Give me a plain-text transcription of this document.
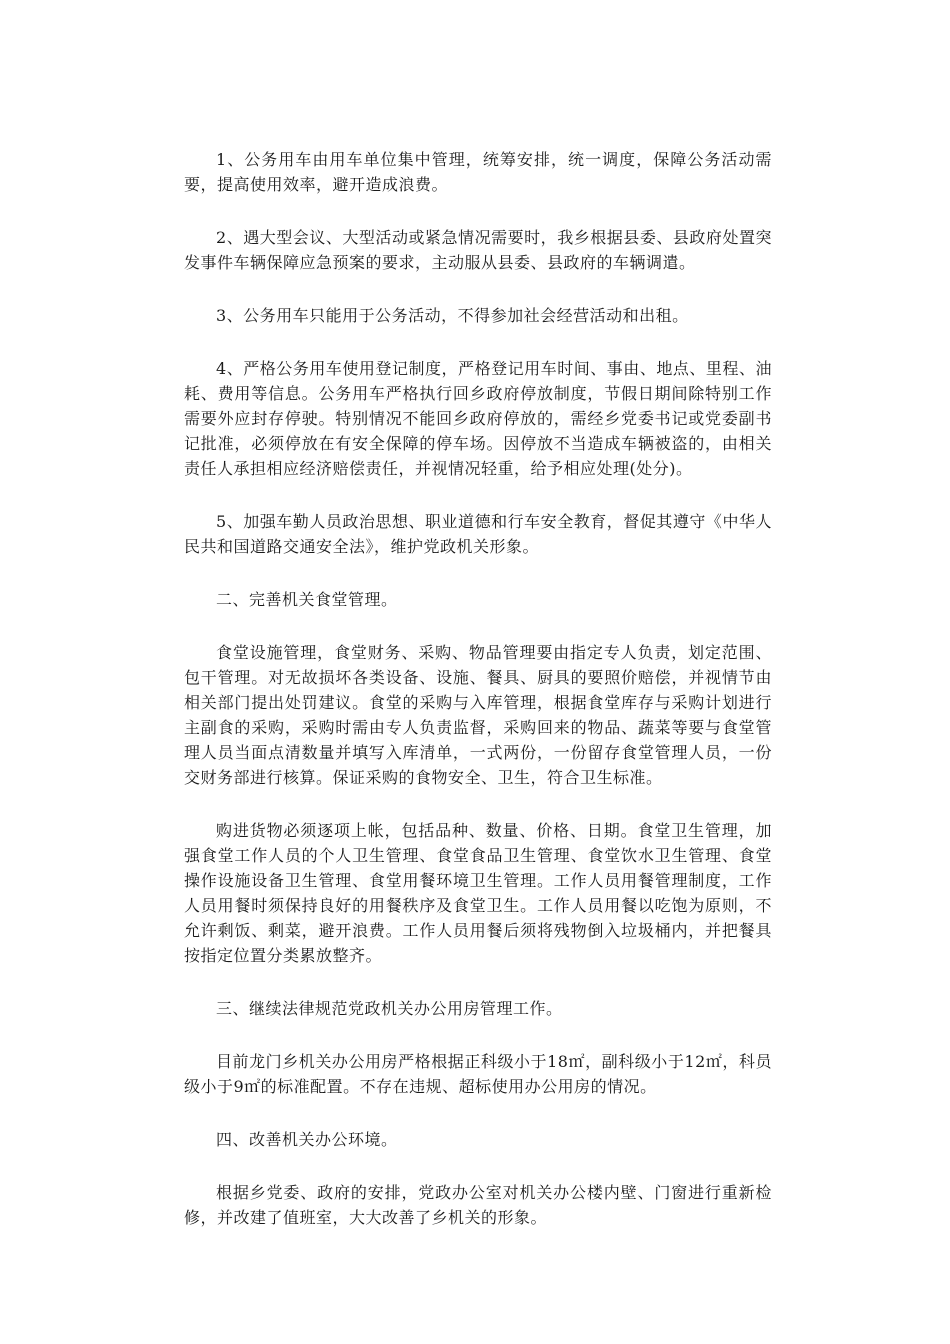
1、公务用车由用车单位集中管理，统筹安排，统一调度，保障公务活动需要，提高使用效率，避开造成浪费。

2、遇大型会议、大型活动或紧急情况需要时，我乡根据县委、县政府处置突发事件车辆保障应急预案的要求，主动服从县委、县政府的车辆调遣。

3、公务用车只能用于公务活动，不得参加社会经营活动和出租。

4、严格公务用车使用登记制度，严格登记用车时间、事由、地点、里程、油耗、费用等信息。公务用车严格执行回乡政府停放制度，节假日期间除特别工作需要外应封存停驶。特别情况不能回乡政府停放的，需经乡党委书记或党委副书记批准，必须停放在有安全保障的停车场。因停放不当造成车辆被盗的，由相关责任人承担相应经济赔偿责任，并视情况轻重，给予相应处理(处分)。

5、加强车勤人员政治思想、职业道德和行车安全教育，督促其遵守《中华人民共和国道路交通安全法》，维护党政机关形象。

二、完善机关食堂管理。

食堂设施管理，食堂财务、采购、物品管理要由指定专人负责，划定范围、包干管理。对无故损坏各类设备、设施、餐具、厨具的要照价赔偿，并视情节由相关部门提出处罚建议。食堂的采购与入库管理，根据食堂库存与采购计划进行主副食的采购，采购时需由专人负责监督，采购回来的物品、蔬菜等要与食堂管理人员当面点清数量并填写入库清单，一式两份，一份留存食堂管理人员，一份交财务部进行核算。保证采购的食物安全、卫生，符合卫生标准。

购进货物必须逐项上帐，包括品种、数量、价格、日期。食堂卫生管理，加强食堂工作人员的个人卫生管理、食堂食品卫生管理、食堂饮水卫生管理、食堂操作设施设备卫生管理、食堂用餐环境卫生管理。工作人员用餐管理制度，工作人员用餐时须保持良好的用餐秩序及食堂卫生。工作人员用餐以吃饱为原则，不允许剩饭、剩菜，避开浪费。工作人员用餐后须将残物倒入垃圾桶内，并把餐具按指定位置分类累放整齐。

三、继续法律规范党政机关办公用房管理工作。

目前龙门乡机关办公用房严格根据正科级小于18㎡，副科级小于12㎡，科员级小于9㎡的标准配置。不存在违规、超标使用办公用房的情况。

四、改善机关办公环境。

根据乡党委、政府的安排，党政办公室对机关办公楼内壁、门窗进行重新检修，并改建了值班室，大大改善了乡机关的形象。
